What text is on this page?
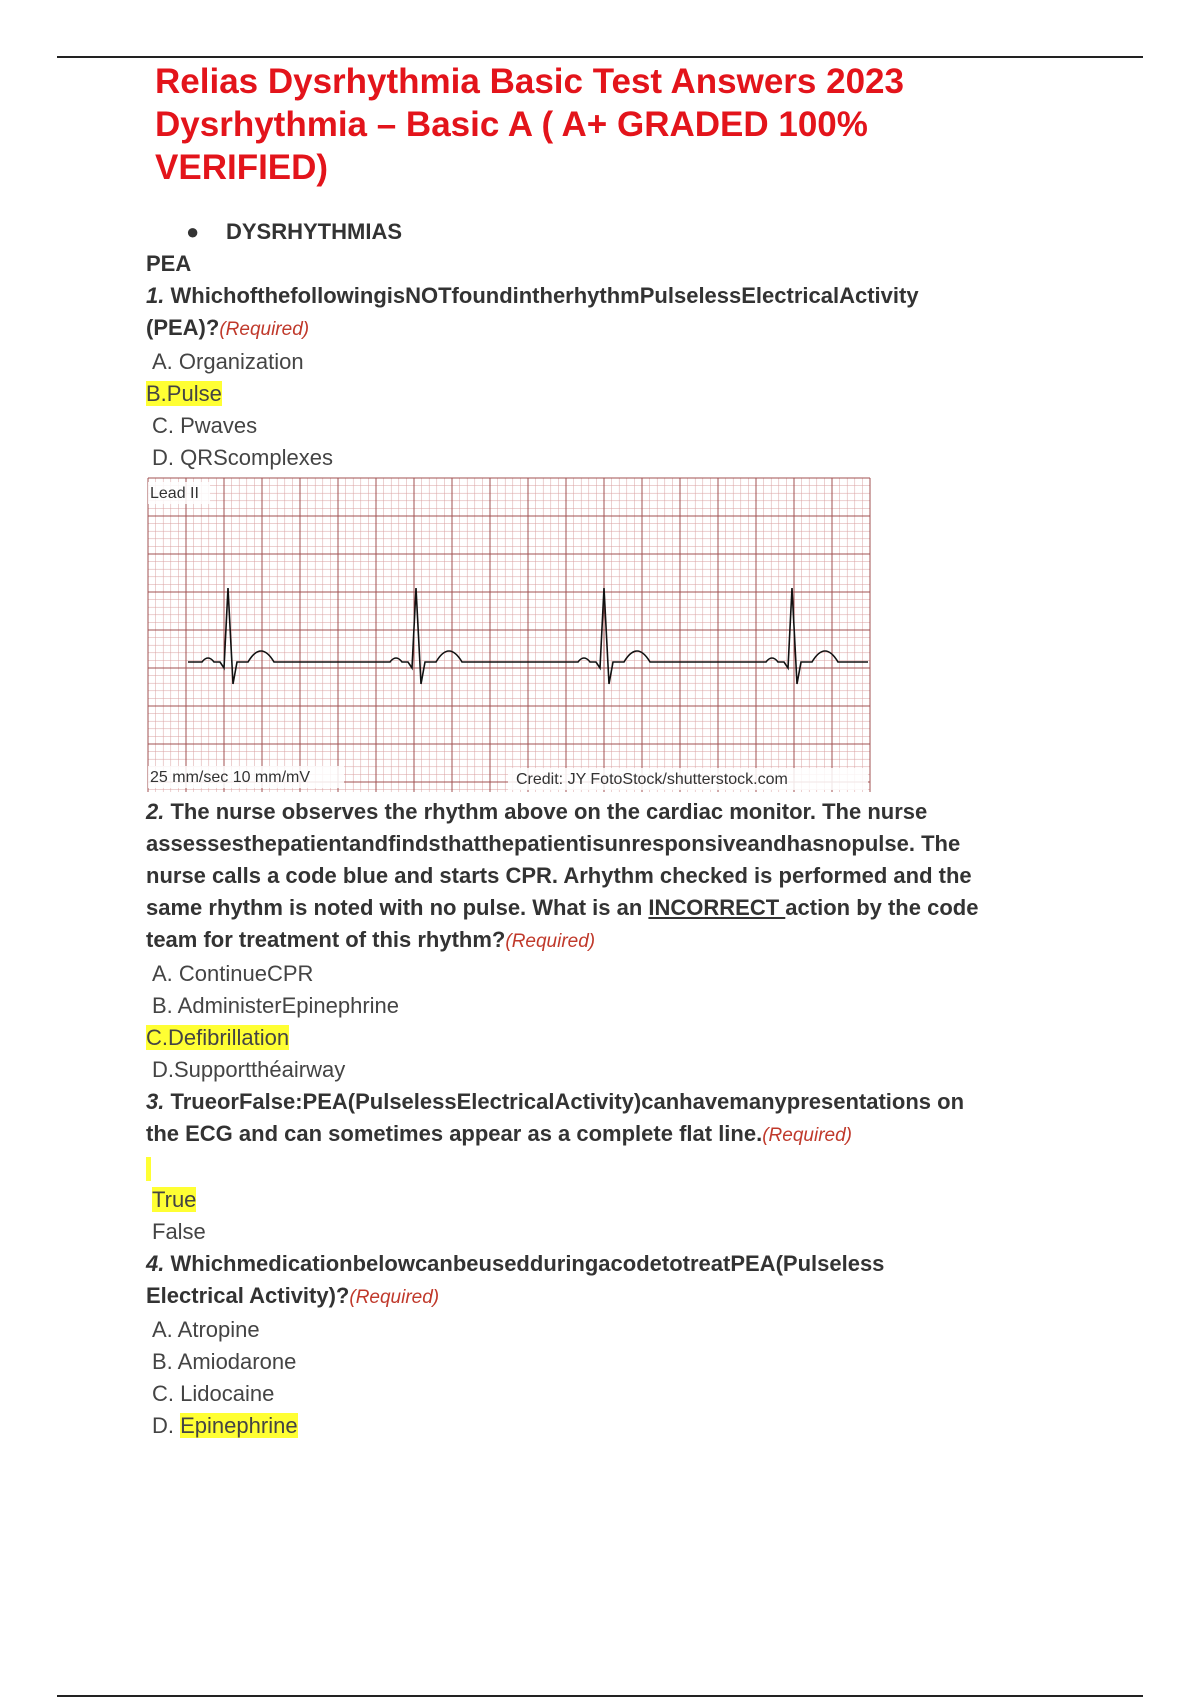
Relias Dysrhythmia Basic Test Answers 2023
Dysrhythmia – Basic A ( A+ GRADED 100%
VERIFIED)
● DYSRHYTHMIAS
PEA
1. WhichofthefollowingisNOTfoundintherhythmPulselessElectricalActivity
(PEA)?(Required)
A. Organization
B.Pulse
C. Pwaves
D. QRScomplexes
Lead II
25 mm/sec 10 mm/mV	Credit: JY FotoStock/shutterstock.com
2. The nurse observes the rhythm above on the cardiac monitor. The nurse
assessesthepatientandfindsthatthepatientisunresponsiveandhasnopulse. The
nurse calls a code blue and starts CPR. Arhythm checked is performed and the
same rhythm is noted with no pulse. What is an INCORRECT action by the code
team for treatment of this rhythm?(Required)
A. ContinueCPR
B. AdministerEpinephrine
C.Defibrillation
D.Supportthéairway
3. TrueorFalse:PEA(PulselessElectricalActivity)canhavemanypresentations on
the ECG and can sometimes appear as a complete flat line.(Required)
True
False
4. WhichmedicationbelowcanbeusedduringacodetotreatPEA(Pulseless
Electrical Activity)?(Required)
A. Atropine
B. Amiodarone
C. Lidocaine
D. Epinephrine
